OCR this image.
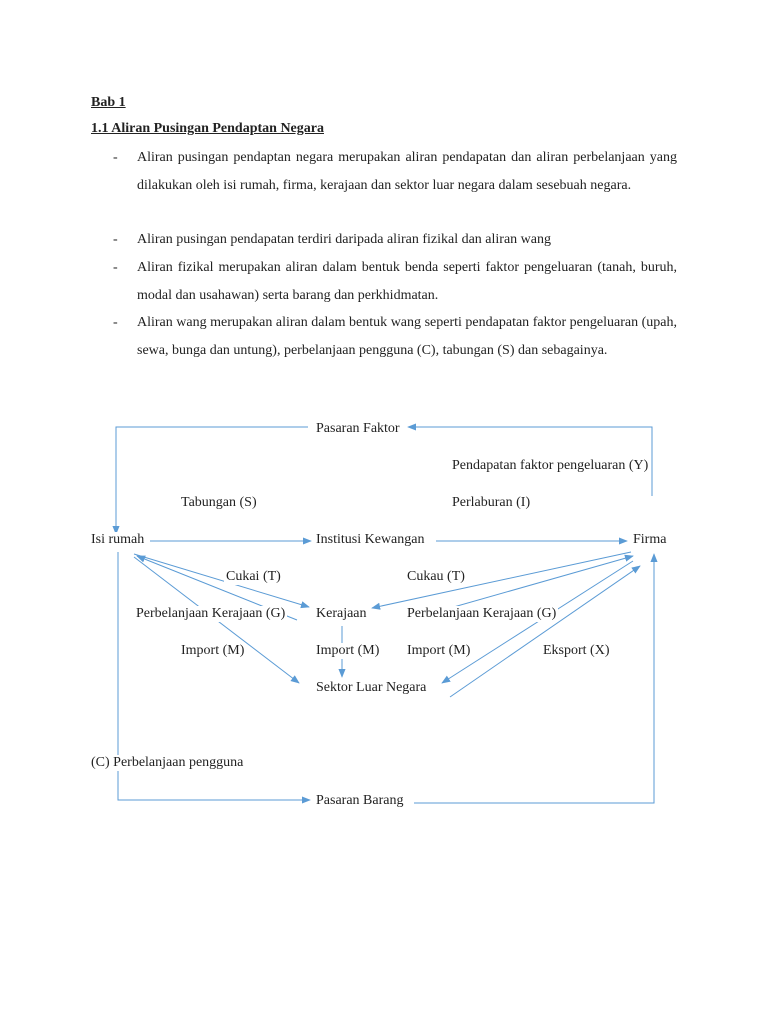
Bab 1
1.1 Aliran Pusingan Pendaptan Negara
- Aliran pusingan pendaptan negara merupakan aliran pendapatan dan aliran perbelanjaan yang dilakukan oleh isi rumah, firma, kerajaan dan sektor luar negara dalam sesebuah negara.
- Aliran pusingan pendapatan terdiri daripada aliran fizikal dan aliran wang
- Aliran fizikal merupakan aliran dalam bentuk benda seperti faktor pengeluaran (tanah, buruh, modal dan usahawan) serta barang dan perkhidmatan.
- Aliran wang merupakan aliran dalam bentuk wang seperti pendapatan faktor pengeluaran (upah, sewa, bunga dan untung), perbelanjaan pengguna (C), tabungan (S) dan sebagainya.
Pasaran Faktor
Pendapatan faktor pengeluaran (Y)
Tabungan (S)	Perlaburan (I)
Isi rumah	Institusi Kewangan	Firma
Cukai (T)	Cukau (T)
Perbelanjaan Kerajaan (G) Kerajaan	Perbelanjaan Kerajaan (G)
Import (M)	Import (M) Import (M)	Eksport (X)
Sektor Luar Negara
(C) Perbelanjaan pengguna
Pasaran Barang
